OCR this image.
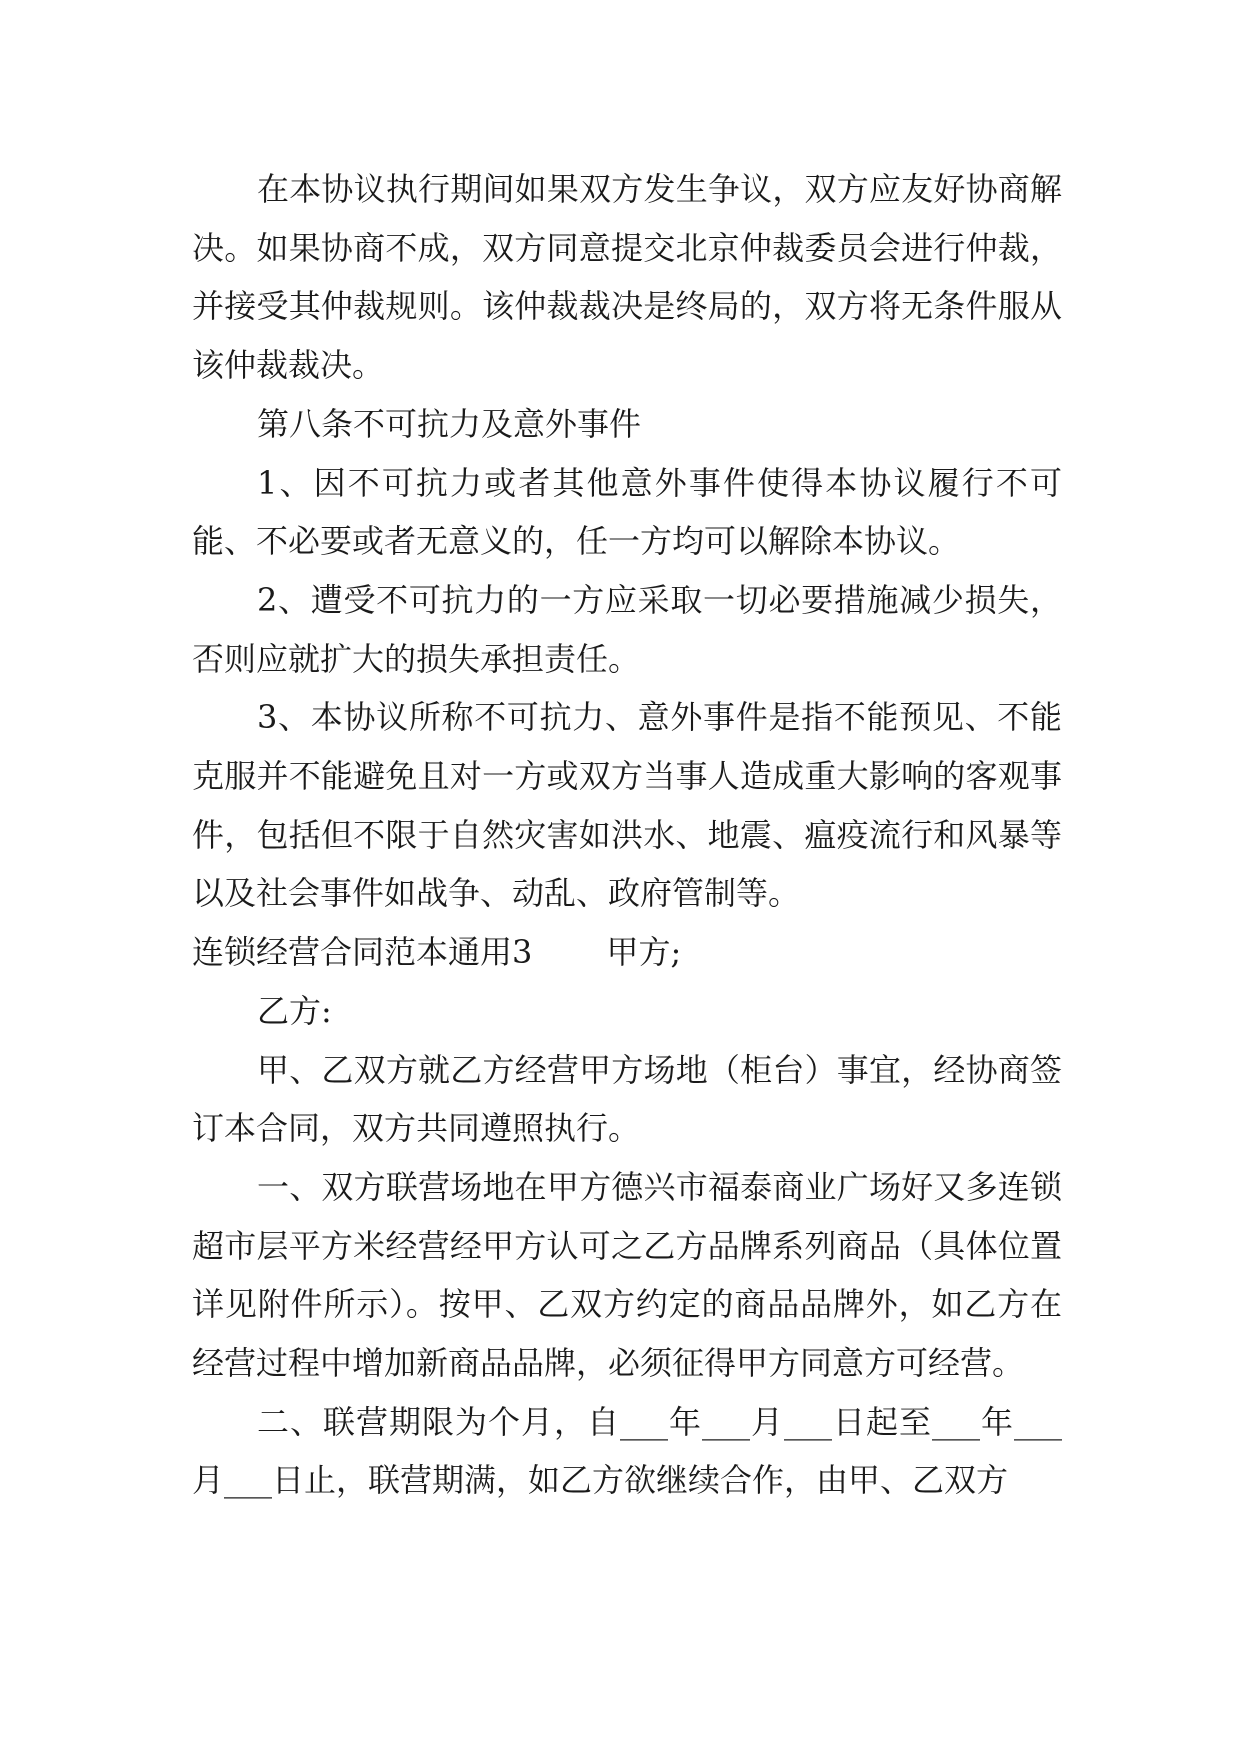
在本协议执行期间如果双方发生争议，双方应友好协商解决。如果协商不成，双方同意提交北京仲裁委员会进行仲裁，并接受其仲裁规则。该仲裁裁决是终局的，双方将无条件服从该仲裁裁决。

第八条不可抗力及意外事件

1、因不可抗力或者其他意外事件使得本协议履行不可能、不必要或者无意义的，任一方均可以解除本协议。

2、遭受不可抗力的一方应采取一切必要措施减少损失，否则应就扩大的损失承担责任。

3、本协议所称不可抗力、意外事件是指不能预见、不能克服并不能避免且对一方或双方当事人造成重大影响的客观事件，包括但不限于自然灾害如洪水、地震、瘟疫流行和风暴等以及社会事件如战争、动乱、政府管制等。

连锁经营合同范本通用3　　 甲方;

乙方:

甲、乙双方就乙方经营甲方场地（柜台）事宜，经协商签订本合同，双方共同遵照执行。

一、双方联营场地在甲方德兴市福泰商业广场好又多连锁超市层平方米经营经甲方认可之乙方品牌系列商品（具体位置详见附件所示）。按甲、乙双方约定的商品品牌外，如乙方在经营过程中增加新商品品牌，必须征得甲方同意方可经营。

二、联营期限为个月，自___年___月___日起至___年___月___日止，联营期满，如乙方欲继续合作，由甲、乙双方
